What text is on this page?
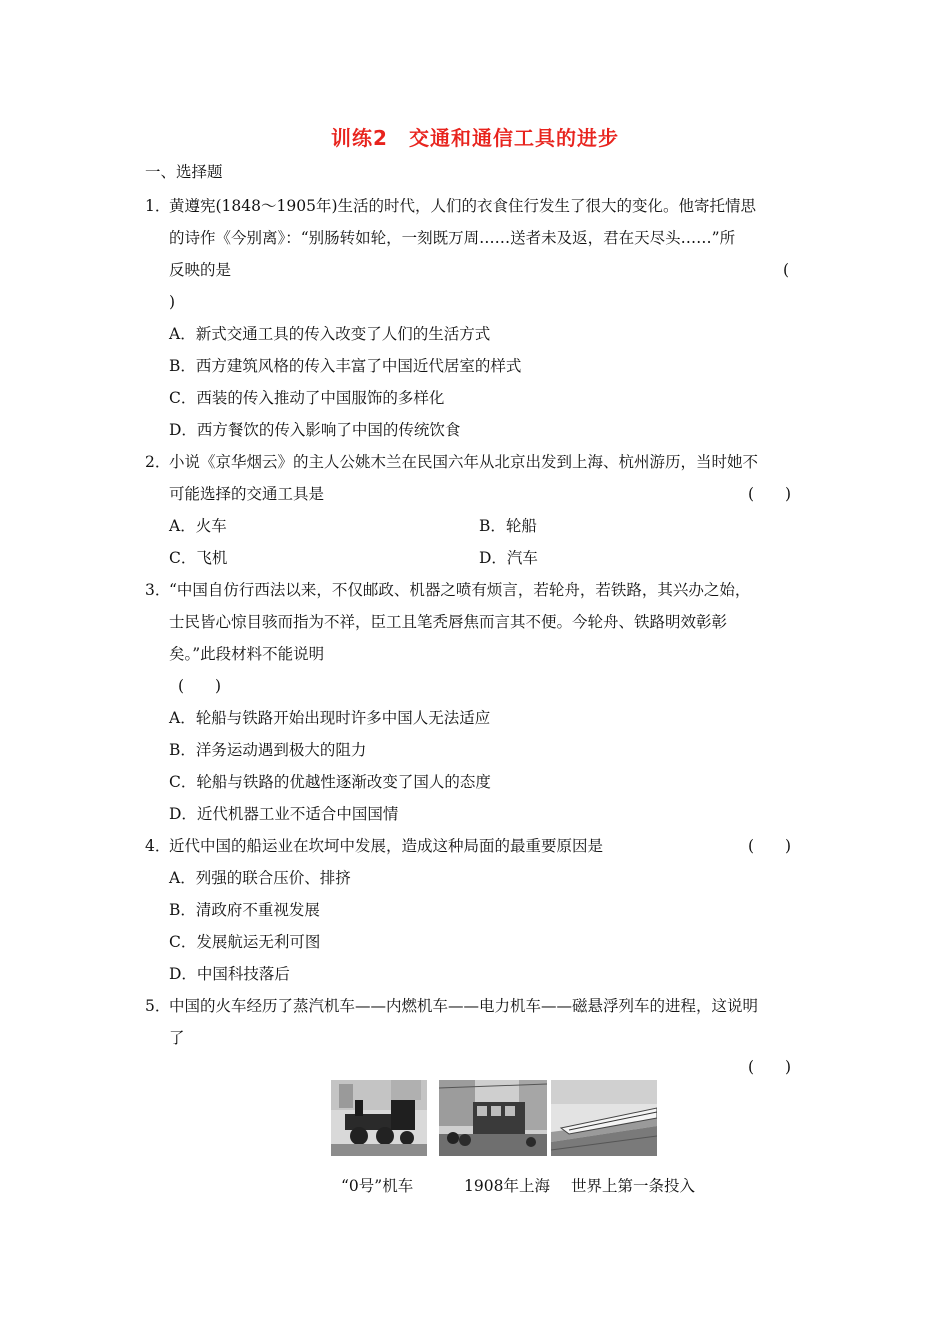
训练2　交通和通信工具的进步
一、选择题
1．
黄遵宪(1848～1905年)生活的时代，人们的衣食住行发生了很大的变化。他寄托情思
的诗作《今别离》：“别肠转如轮，一刻既万周……送者未及返，君在天尽头……”所
反映的是	(
)
A．新式交通工具的传入改变了人们的生活方式
B．西方建筑风格的传入丰富了中国近代居室的样式
C．西装的传入推动了中国服饰的多样化
D．西方餐饮的传入影响了中国的传统饮食
2．
小说《京华烟云》的主人公姚木兰在民国六年从北京出发到上海、杭州游历，当时她不
可能选择的交通工具是	(　　)
A．火车	B．轮船
C．飞机	D．汽车
3．
“中国自仿行西法以来，不仅邮政、机器之喷有烦言，若轮舟，若铁路，其兴办之始，
士民皆心惊目骇而指为不祥，臣工且笔秃唇焦而言其不便。今轮舟、铁路明效彰彰
矣。”此段材料不能说明
(　　)
A．轮船与铁路开始出现时许多中国人无法适应
B．洋务运动遇到极大的阻力
C．轮船与铁路的优越性逐渐改变了国人的态度
D．近代机器工业不适合中国国情
4．
近代中国的船运业在坎坷中发展，造成这种局面的最重要原因是	(　　)
A．列强的联合压价、排挤
B．清政府不重视发展
C．发展航运无利可图
D．中国科技落后
5．
中国的火车经历了蒸汽机车——内燃机车——电力机车——磁悬浮列车的进程，这说明
了
(　　)
“0号”机车	1908年上海 世界上第一条投入
